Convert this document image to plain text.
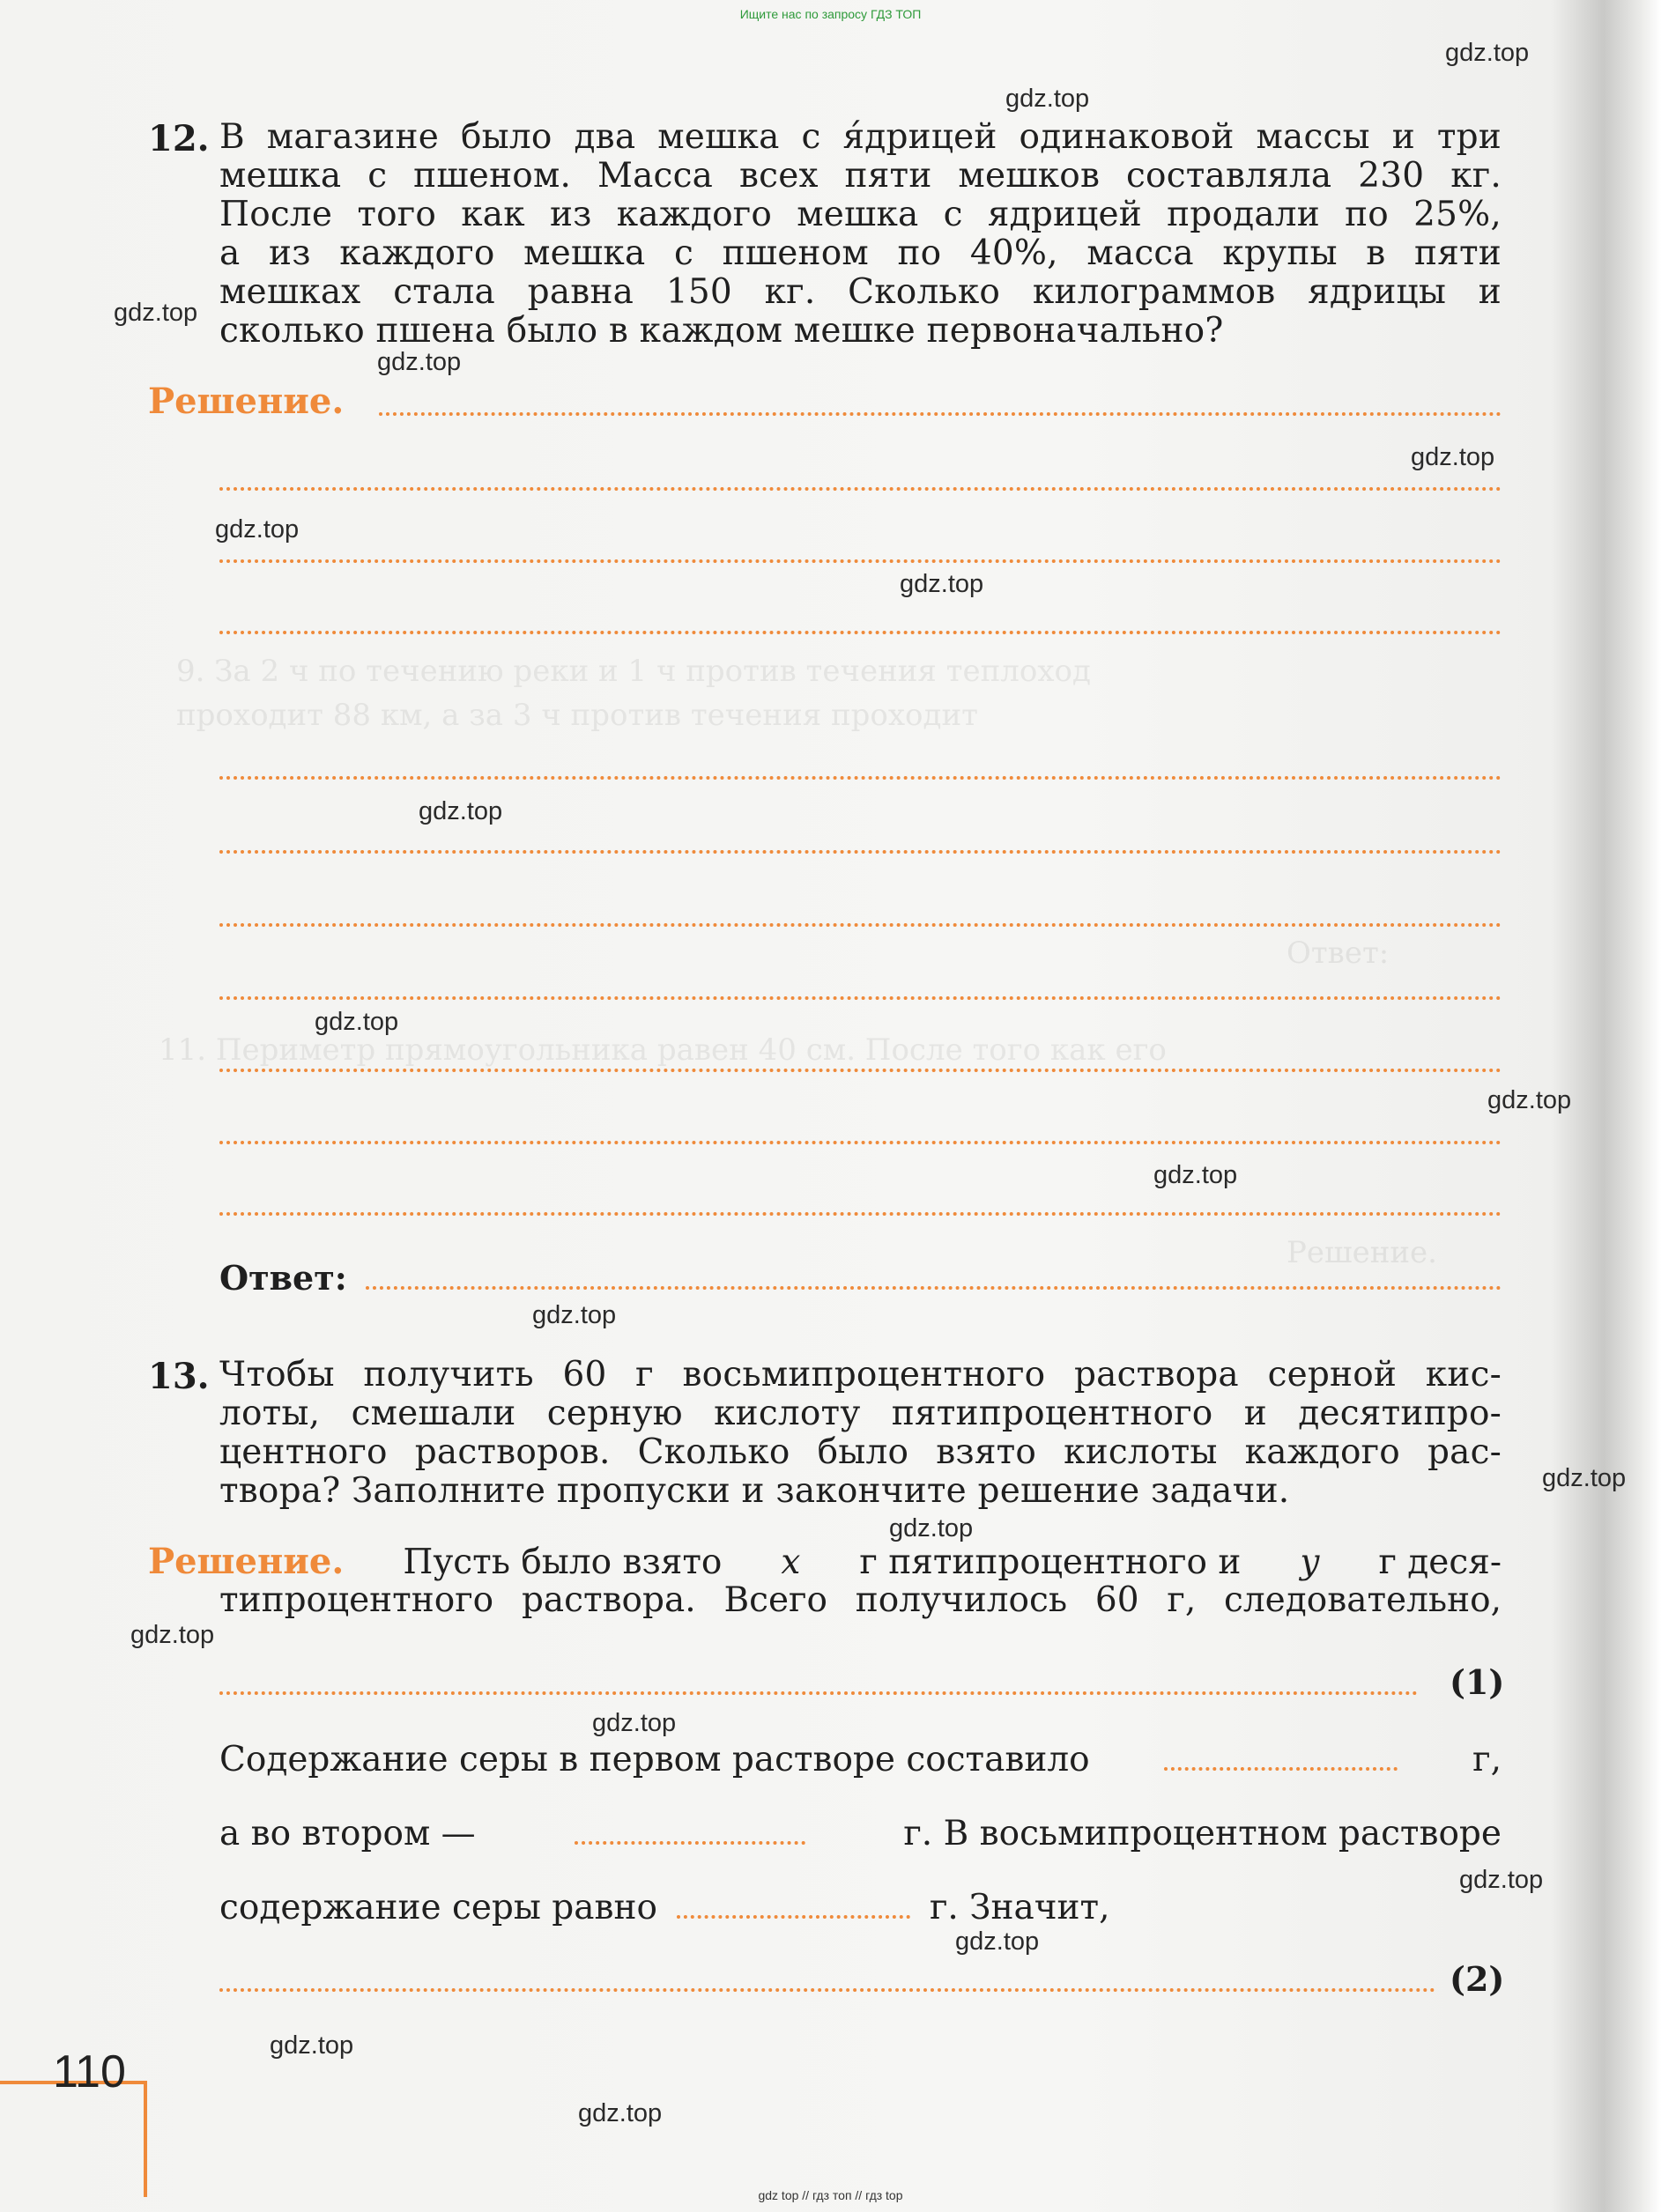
Ищите нас по запросу ГДЗ ТОП
9. За 2 ч по течению реки и 1 ч против течения теплоход
проходит 88 км, а за 3 ч против течения проходит
Ответ:
11. Периметр прямоугольника равен 40 см. После того как его
Решение.
12. В магазине было два мешка с я́дрицей одинаковой массы и три
мешка с пшеном. Масса всех пяти мешков составляла 230 кг.
После того как из каждого мешка с ядрицей продали по 25%,
а из каждого мешка с пшеном по 40%, масса крупы в пяти
мешках стала равна 150 кг. Сколько килограммов ядрицы и
сколько пшена было в каждом мешке первоначально?
Решение.
Ответ:
13. Чтобы получить 60 г восьмипроцентного раствора серной кис-
лоты, смешали серную кислоту пятипроцентного и десятипро-
центного растворов. Сколько было взято кислоты каждого рас-
твора? Заполните пропуски и закончите решение задачи.
Решение. Пусть было взято x г пятипроцентного и y г деся-
типроцентного раствора. Всего получилось 60 г, следовательно,
(1)
Содержание серы в первом растворе составило	г,
а во втором —	г. В восьмипроцентном растворе
содержание серы равно	г. Значит,
(2)
110
gdz.top
gdz.top
gdz.top
gdz.top
gdz.top
gdz.top
gdz.top
gdz.top
gdz.top
gdz.top
gdz.top
gdz.top
gdz.top
gdz.top
gdz.top
gdz.top
gdz.top
gdz.top
gdz.top
gdz.top
gdz top // гдз топ // гдз top
